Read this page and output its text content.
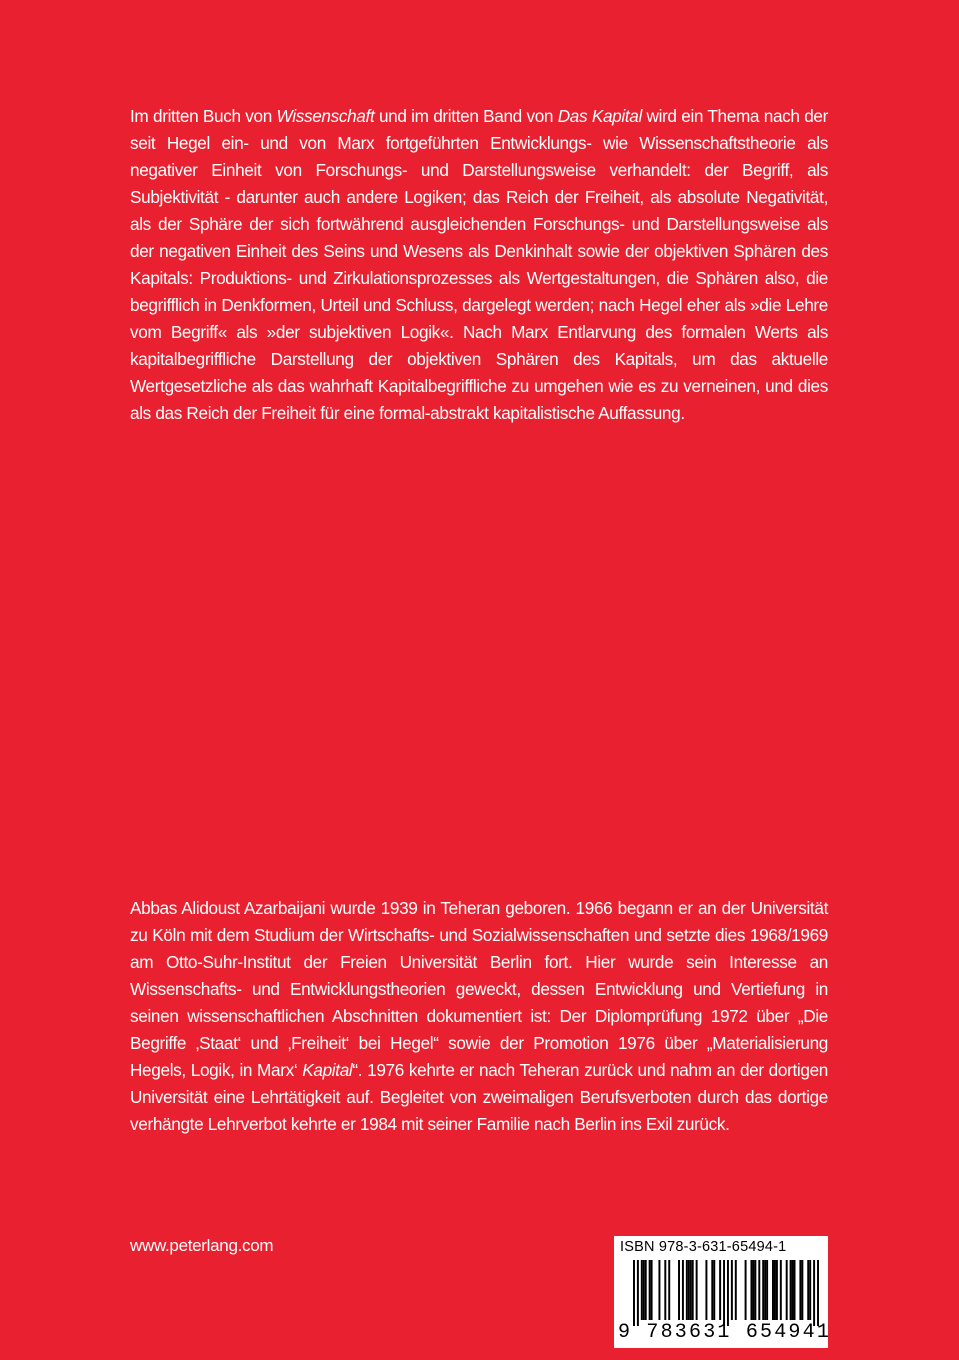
Im dritten Buch von Wissenschaft und im dritten Band von Das Kapital wird ein Thema nach der seit Hegel ein- und von Marx fortgeführten Entwicklungs- wie Wissenschaftstheorie als negativer Einheit von Forschungs- und Darstellungsweise verhandelt: der Begriff, als Subjektivität - darunter auch andere Logiken; das Reich der Freiheit, als absolute Negativität, als der Sphäre der sich fortwährend ausgleichenden Forschungs- und Darstellungsweise als der negativen Einheit des Seins und Wesens als Denkinhalt sowie der objektiven Sphären des Kapitals: Produktions- und Zirkulationsprozesses als Wertgestaltungen, die Sphären also, die begrifflich in Denkformen, Urteil und Schluss, dargelegt werden; nach Hegel eher als »die Lehre vom Begriff« als »der subjektiven Logik«. Nach Marx Entlarvung des formalen Werts als kapitalbegriffliche Darstellung der objektiven Sphären des Kapitals, um das aktuelle Wertgesetzliche als das wahrhaft Kapitalbegriffliche zu umgehen wie es zu verneinen, und dies als das Reich der Freiheit für eine formal-abstrakt kapitalistische Auffassung.

Abbas Alidoust Azarbaijani wurde 1939 in Teheran geboren. 1966 begann er an der Universität zu Köln mit dem Studium der Wirtschafts- und Sozialwissenschaften und setzte dies 1968/1969 am Otto-Suhr-Institut der Freien Universität Berlin fort. Hier wurde sein Interesse an Wissenschafts- und Entwicklungstheorien geweckt, dessen Entwicklung und Vertiefung in seinen wissenschaftlichen Abschnitten dokumentiert ist: Der Diplomprüfung 1972 über „Die Begriffe ‚Staat‘ und ‚Freiheit‘ bei Hegel“ sowie der Promotion 1976 über „Materialisierung Hegels, Logik, in Marx‘ Kapital“. 1976 kehrte er nach Teheran zurück und nahm an der dortigen Universität eine Lehrtätigkeit auf. Begleitet von zweimaligen Berufsverboten durch das dortige verhängte Lehrverbot kehrte er 1984 mit seiner Familie nach Berlin ins Exil zurück.

www.peterlang.com	ISBN 978-3-631-65494-1
9 783631 654941
